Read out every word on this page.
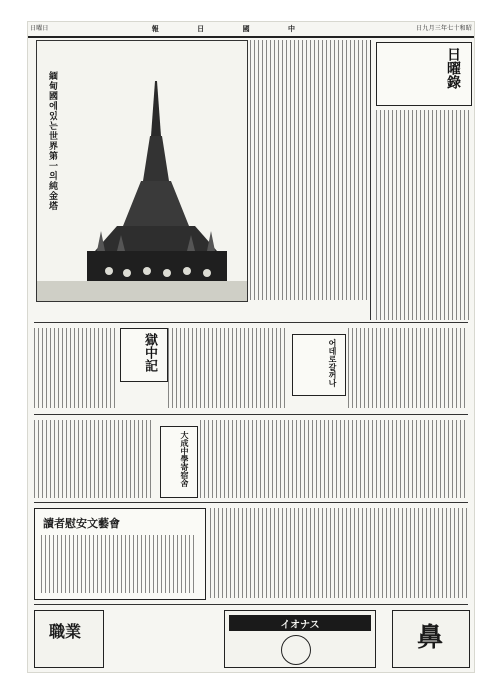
日曜日	報 日 國 中	日九月三年七十和昭
緬甸國에있는世界第一의純金塔
日曜錄
獄中記	어데로갈꺼나
大成中學寄宿舍
讀者慰安文藝會
職業	イオナス	鼻
